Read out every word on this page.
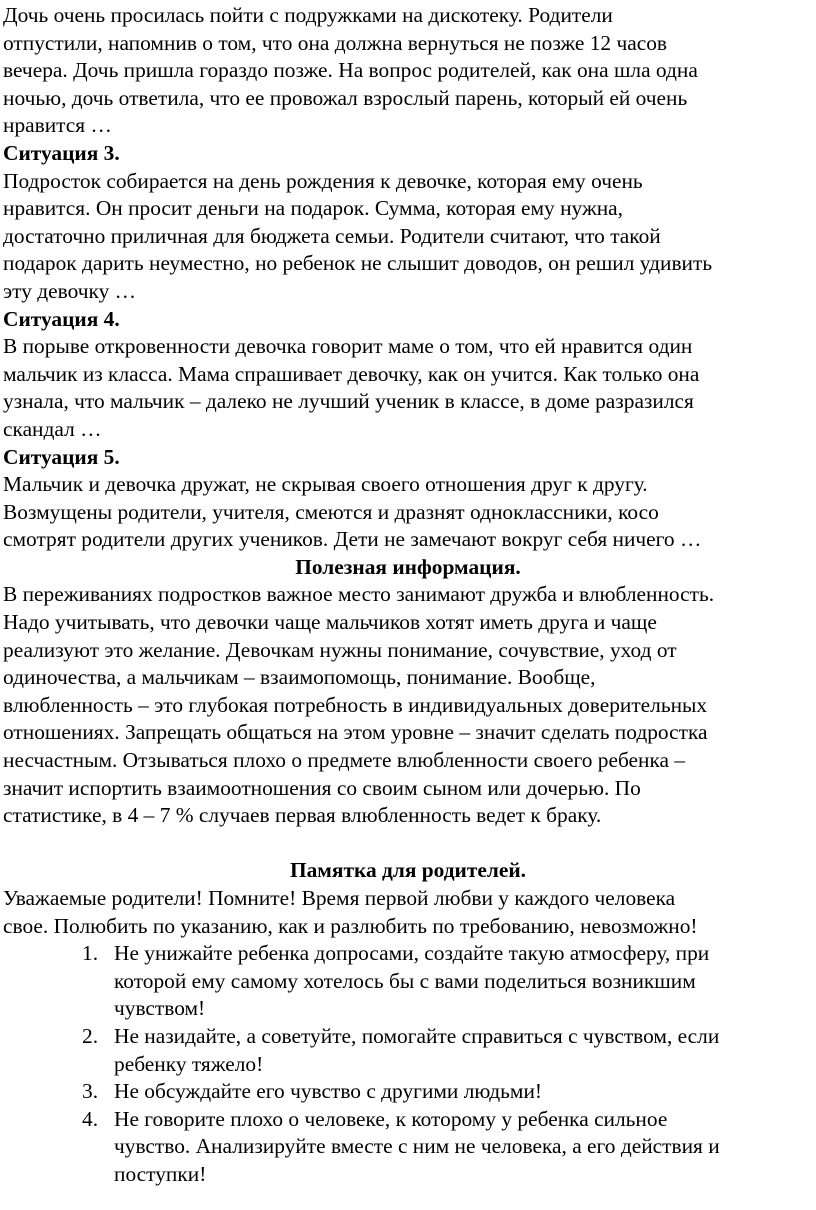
Дочь очень просилась пойти с подружками на дискотеку. Родители

отпустили, напомнив о том, что она должна вернуться не позже 12 часов

вечера. Дочь пришла гораздо позже. На вопрос родителей, как она шла одна

ночью, дочь ответила, что ее провожал взрослый парень, который ей очень

нравится …

Ситуация 3.

Подросток собирается на день рождения к девочке, которая ему очень

нравится. Он просит деньги на подарок. Сумма, которая ему нужна,

достаточно приличная для бюджета семьи. Родители считают, что такой

подарок дарить неуместно, но ребенок не слышит доводов, он решил удивить

эту девочку …

Ситуация 4.

В порыве откровенности девочка говорит маме о том, что ей нравится один

мальчик из класса. Мама спрашивает девочку, как он учится. Как только она

узнала, что мальчик – далеко не лучший ученик в классе, в доме разразился

скандал …

Ситуация 5.

Мальчик и девочка дружат, не скрывая своего отношения друг к другу.

Возмущены родители, учителя, смеются и дразнят одноклассники, косо

смотрят родители других учеников. Дети не замечают вокруг себя ничего …

Полезная информация.

В переживаниях подростков важное место занимают дружба и влюбленность.

Надо учитывать, что девочки чаще мальчиков хотят иметь друга и чаще

реализуют это желание. Девочкам нужны понимание, сочувствие, уход от

одиночества, а мальчикам – взаимопомощь, понимание. Вообще,

влюбленность – это глубокая потребность в индивидуальных доверительных

отношениях. Запрещать общаться на этом уровне – значит сделать подростка

несчастным. Отзываться плохо о предмете влюбленности своего ребенка –

значит испортить взаимоотношения со своим сыном или дочерью. По

статистике, в 4 – 7 % случаев первая влюбленность ведет к браку.

Памятка для родителей.

Уважаемые родители! Помните! Время первой любви у каждого человека

свое. Полюбить по указанию, как и разлюбить по требованию, невозможно!

1. Не унижайте ребенка допросами, создайте такую атмосферу, при

которой ему самому хотелось бы с вами поделиться возникшим

чувством!

2. Не назидайте, а советуйте, помогайте справиться с чувством, если

ребенку тяжело!

3. Не обсуждайте его чувство с другими людьми!

4. Не говорите плохо о человеке, к которому у ребенка сильное

чувство. Анализируйте вместе с ним не человека, а его действия и

поступки!
